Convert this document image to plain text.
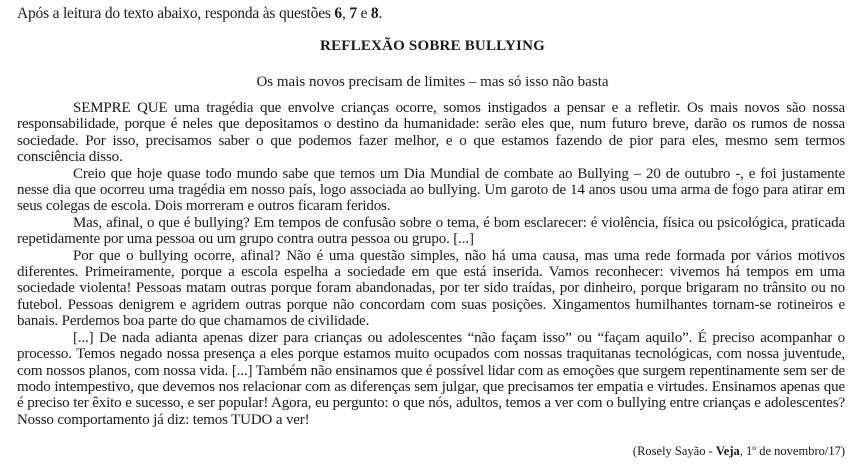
Após a leitura do texto abaixo, responda às questões 6, 7 e 8.
REFLEXÃO SOBRE BULLYING
Os mais novos precisam de limites – mas só isso não basta

SEMPRE QUE uma tragédia que envolve crianças ocorre, somos instigados a pensar e a refletir. Os mais novos são nossa responsabilidade, porque é neles que depositamos o destino da humanidade: serão eles que, num futuro breve, darão os rumos de nossa sociedade. Por isso, precisamos saber o que podemos fazer melhor, e o que estamos fazendo de pior para eles, mesmo sem termos consciência disso.

Creio que hoje quase todo mundo sabe que temos um Dia Mundial de combate ao Bullying – 20 de outubro -, e foi justamente nesse dia que ocorreu uma tragédia em nosso país, logo associada ao bullying. Um garoto de 14 anos usou uma arma de fogo para atirar em seus colegas de escola. Dois morreram e outros ficaram feridos.

Mas, afinal, o que é bullying? Em tempos de confusão sobre o tema, é bom esclarecer: é violência, física ou psicológica, praticada repetidamente por uma pessoa ou um grupo contra outra pessoa ou grupo. [...]

Por que o bullying ocorre, afinal? Não é uma questão simples, não há uma causa, mas uma rede formada por vários motivos diferentes. Primeiramente, porque a escola espelha a sociedade em que está inserida. Vamos reconhecer: vivemos há tempos em uma sociedade violenta! Pessoas matam outras porque foram abandonadas, por ter sido traídas, por dinheiro, porque brigaram no trânsito ou no futebol. Pessoas denigrem e agridem outras porque não concordam com suas posições. Xingamentos humilhantes tornam-se rotineiros e banais. Perdemos boa parte do que chamamos de civilidade.

[...] De nada adianta apenas dizer para crianças ou adolescentes “não façam isso” ou “façam aquilo”. É preciso acompanhar o processo. Temos negado nossa presença a eles porque estamos muito ocupados com nossas traquitanas tecnológicas, com nossa juventude, com nossos planos, com nossa vida. [...] Também não ensinamos que é possível lidar com as emoções que surgem repentinamente sem ser de modo intempestivo, que devemos nos relacionar com as diferenças sem julgar, que precisamos ter empatia e virtudes. Ensinamos apenas que é preciso ter êxito e sucesso, e ser popular! Agora, eu pergunto: o que nós, adultos, temos a ver com o bullying entre crianças e adolescentes? Nosso comportamento já diz: temos TUDO a ver!

(Rosely Sayão - Veja, 1º de novembro/17)
